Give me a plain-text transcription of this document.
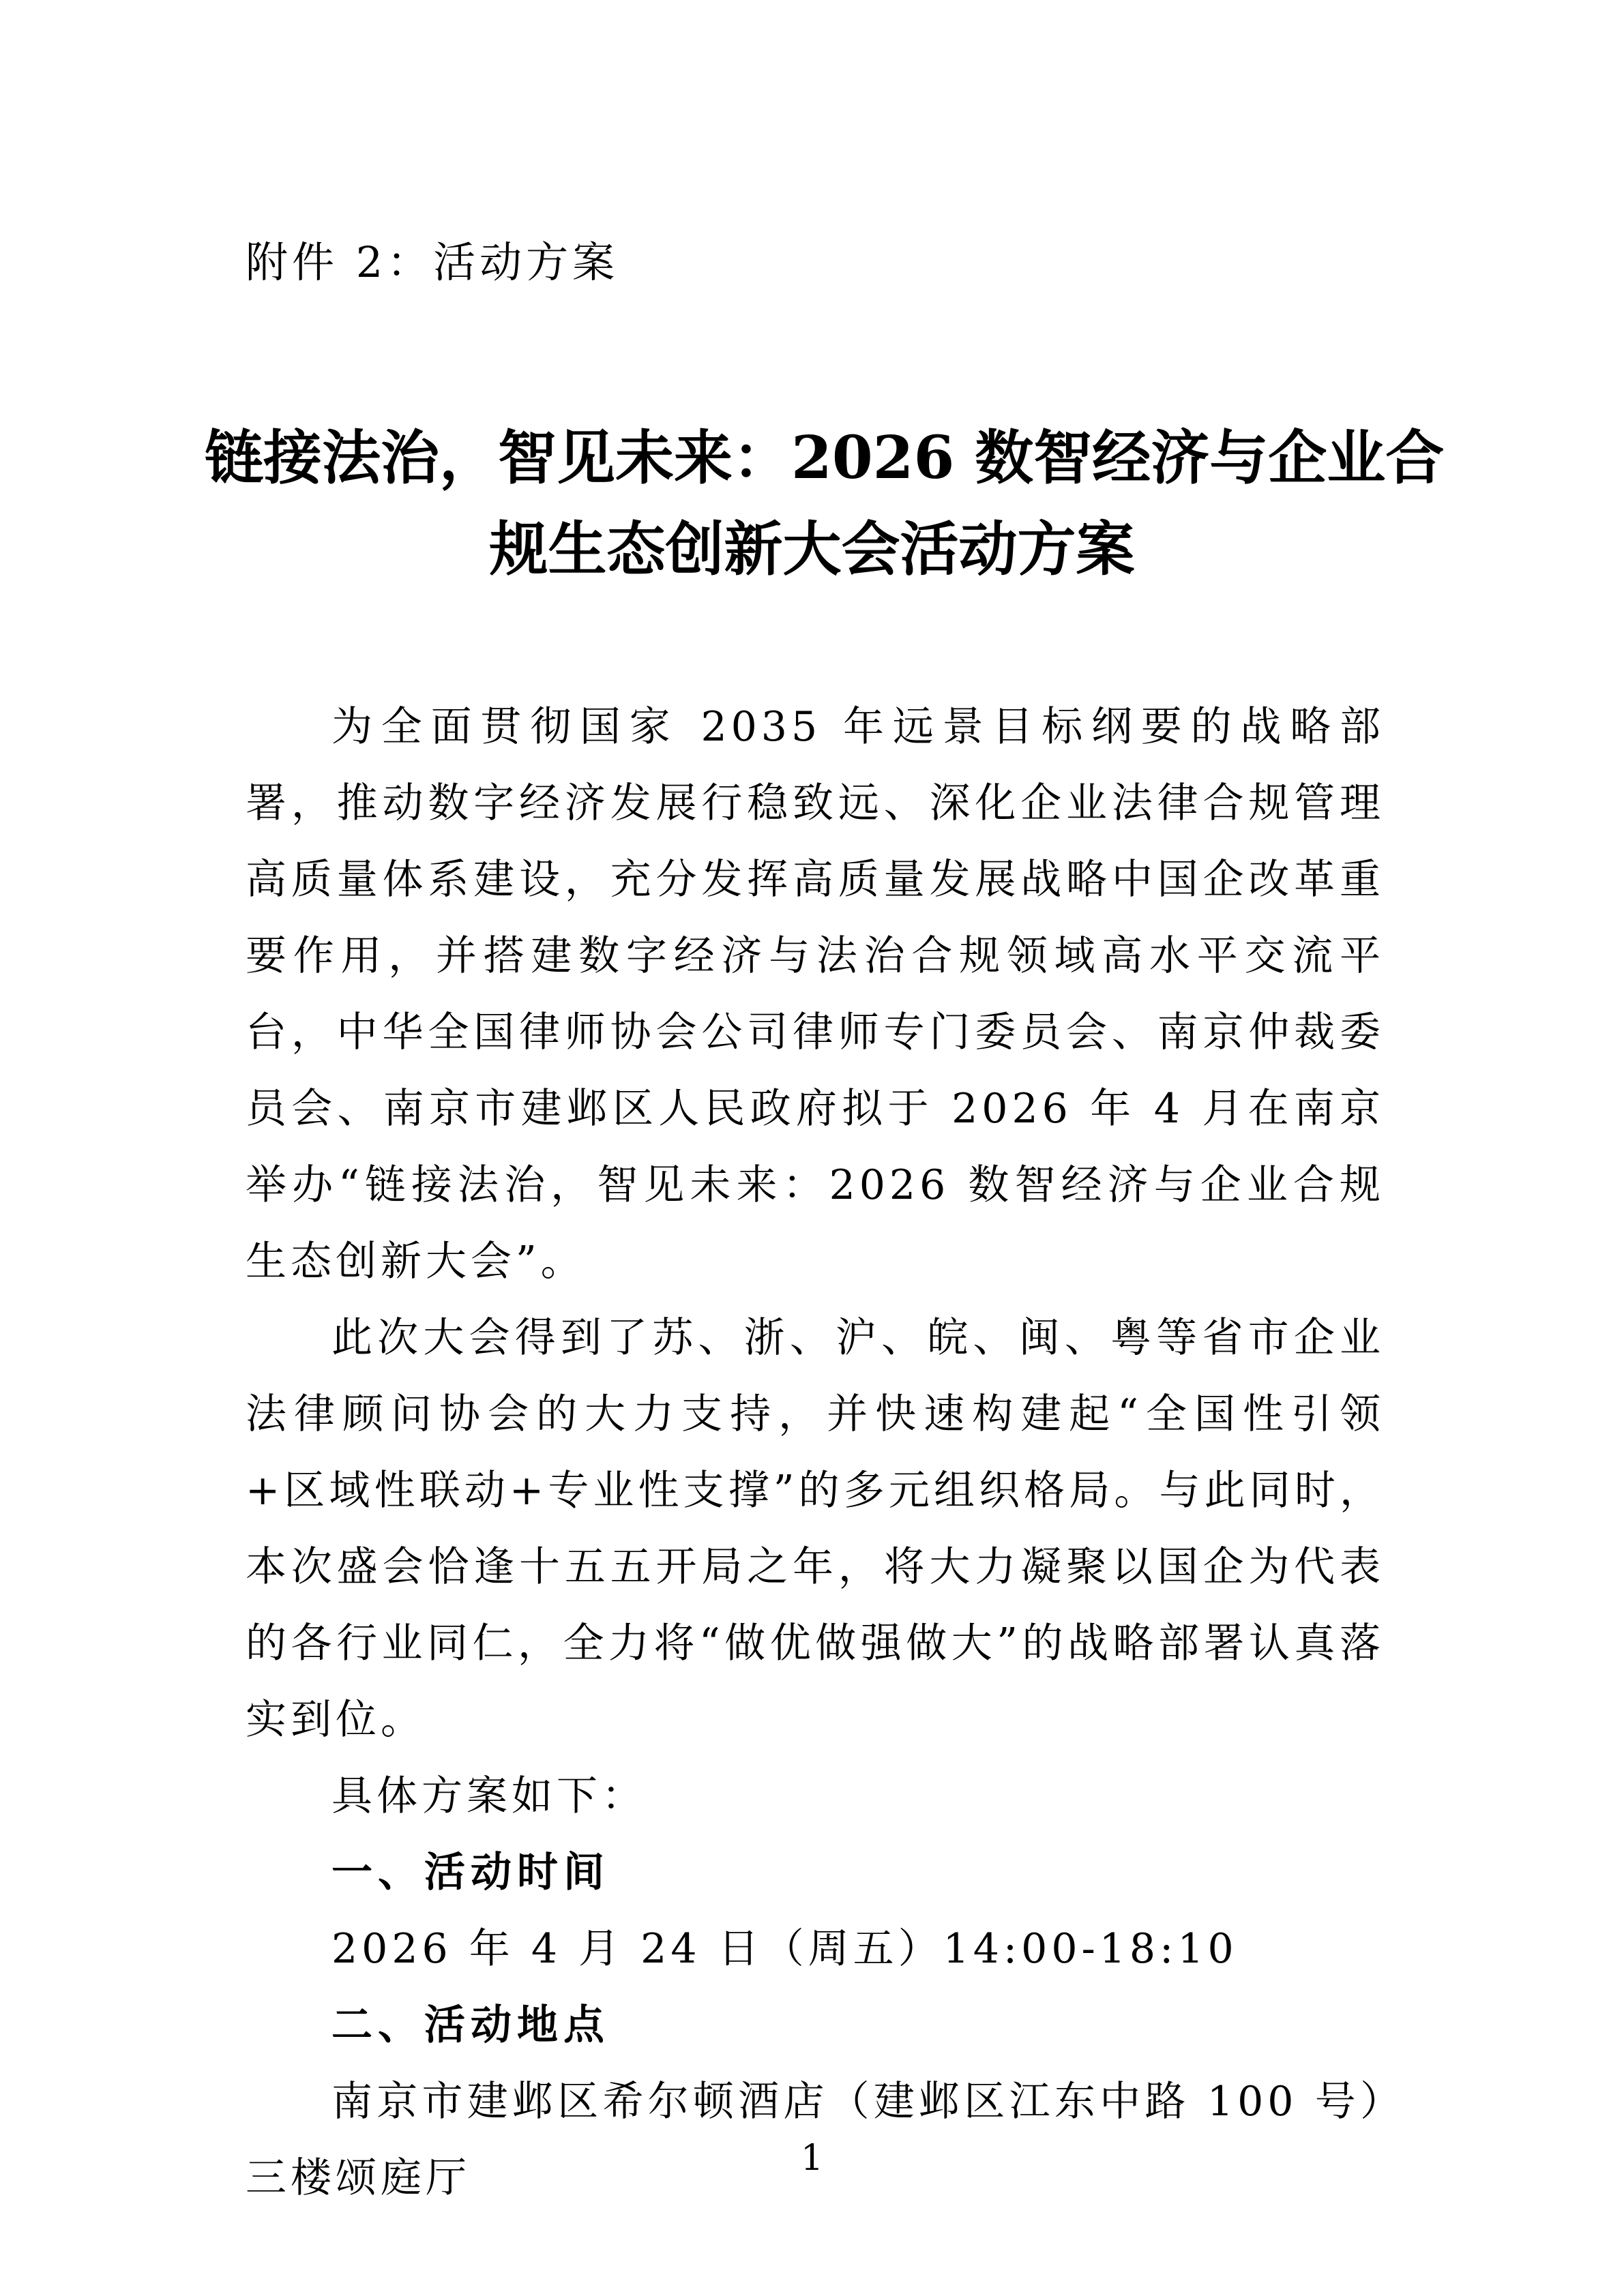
附件 2：活动方案
链接法治，智见未来：2026 数智经济与企业合
规生态创新大会活动方案

为全面贯彻国家 2035 年远景目标纲要的战略部署，推动数字经济发展行稳致远、深化企业法律合规管理高质量体系建设，充分发挥高质量发展战略中国企改革重要作用，并搭建数字经济与法治合规领域高水平交流平台，中华全国律师协会公司律师专门委员会、南京仲裁委员会、南京市建邺区人民政府拟于 2026 年 4 月在南京举办“链接法治，智见未来：2026 数智经济与企业合规生态创新大会”。

此次大会得到了苏、浙、沪、皖、闽、粤等省市企业法律顾问协会的大力支持，并快速构建起“全国性引领+区域性联动+专业性支撑”的多元组织格局。与此同时，本次盛会恰逢十五五开局之年，将大力凝聚以国企为代表的各行业同仁，全力将“做优做强做大”的战略部署认真落实到位。

具体方案如下：

一、活动时间

2026 年 4 月 24 日（周五）14:00-18:10

二、活动地点

南京市建邺区希尔顿酒店（建邺区江东中路 100 号）三楼颂庭厅	1
